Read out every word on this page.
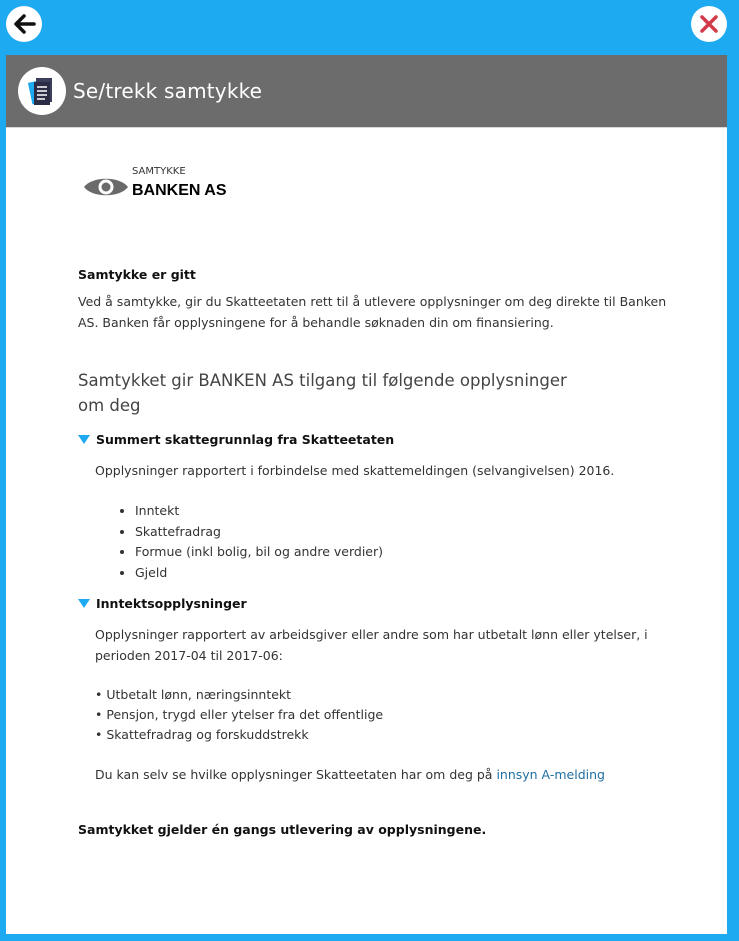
Se/trekk samtykke
SAMTYKKE
BANKEN AS
Samtykke er gitt
Ved å samtykke, gir du Skatteetaten rett til å utlevere opplysninger om deg direkte til Banken AS. Banken får opplysningene for å behandle søknaden din om finansiering.
Samtykket gir BANKEN AS tilgang til følgende opplysninger om deg
Summert skattegrunnlag fra Skatteetaten
Opplysninger rapportert i forbindelse med skattemeldingen (selvangivelsen) 2016.
• Inntekt
• Skattefradrag
• Formue (inkl bolig, bil og andre verdier)
• Gjeld
Inntektsopplysninger
Opplysninger rapportert av arbeidsgiver eller andre som har utbetalt lønn eller ytelser, i perioden 2017-04 til 2017-06:
• Utbetalt lønn, næringsinntekt
• Pensjon, trygd eller ytelser fra det offentlige
• Skattefradrag og forskuddstrekk
Du kan selv se hvilke opplysninger Skatteetaten har om deg på innsyn A-melding
Samtykket gjelder én gangs utlevering av opplysningene.
